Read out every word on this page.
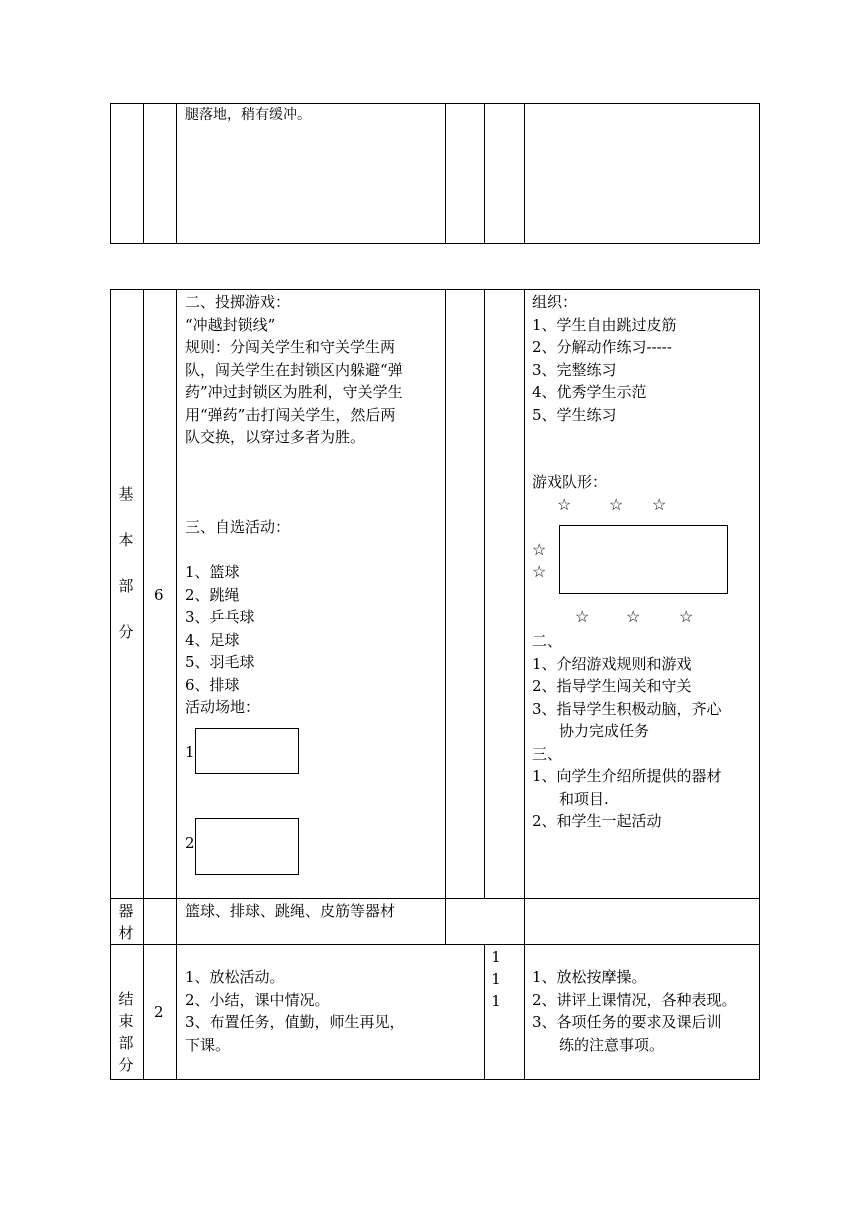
腿落地，稍有缓冲。
基
本
部
分
6
二、投掷游戏：
“冲越封锁线”
规则：分闯关学生和守关学生两
队，闯关学生在封锁区内躲避“弹
药”冲过封锁区为胜利，守关学生
用“弹药”击打闯关学生，然后两
队交换，以穿过多者为胜。
三、自选活动：
1、篮球
2、跳绳
3、乒乓球
4、足球
5、羽毛球
6、排球
活动场地：
1
2
组织：
1、学生自由跳过皮筋
2、分解动作练习-----
3、完整练习
4、优秀学生示范
5、学生练习
游戏队形：
☆ ☆ ☆
☆
☆
☆ ☆ ☆
二、
1、介绍游戏规则和游戏
2、指导学生闯关和守关
3、指导学生积极动脑，齐心
协力完成任务
三、
1、向学生介绍所提供的器材
和项目.
2、和学生一起活动
器
材
篮球、排球、跳绳、皮筋等器材
结
束
部
分
2
1
1
1
1、放松活动。
2、小结，课中情况。
3、布置任务，值勤，师生再见，
下课。
1、放松按摩操。
2、讲评上课情况，各种表现。
3、各项任务的要求及课后训
练的注意事项。
